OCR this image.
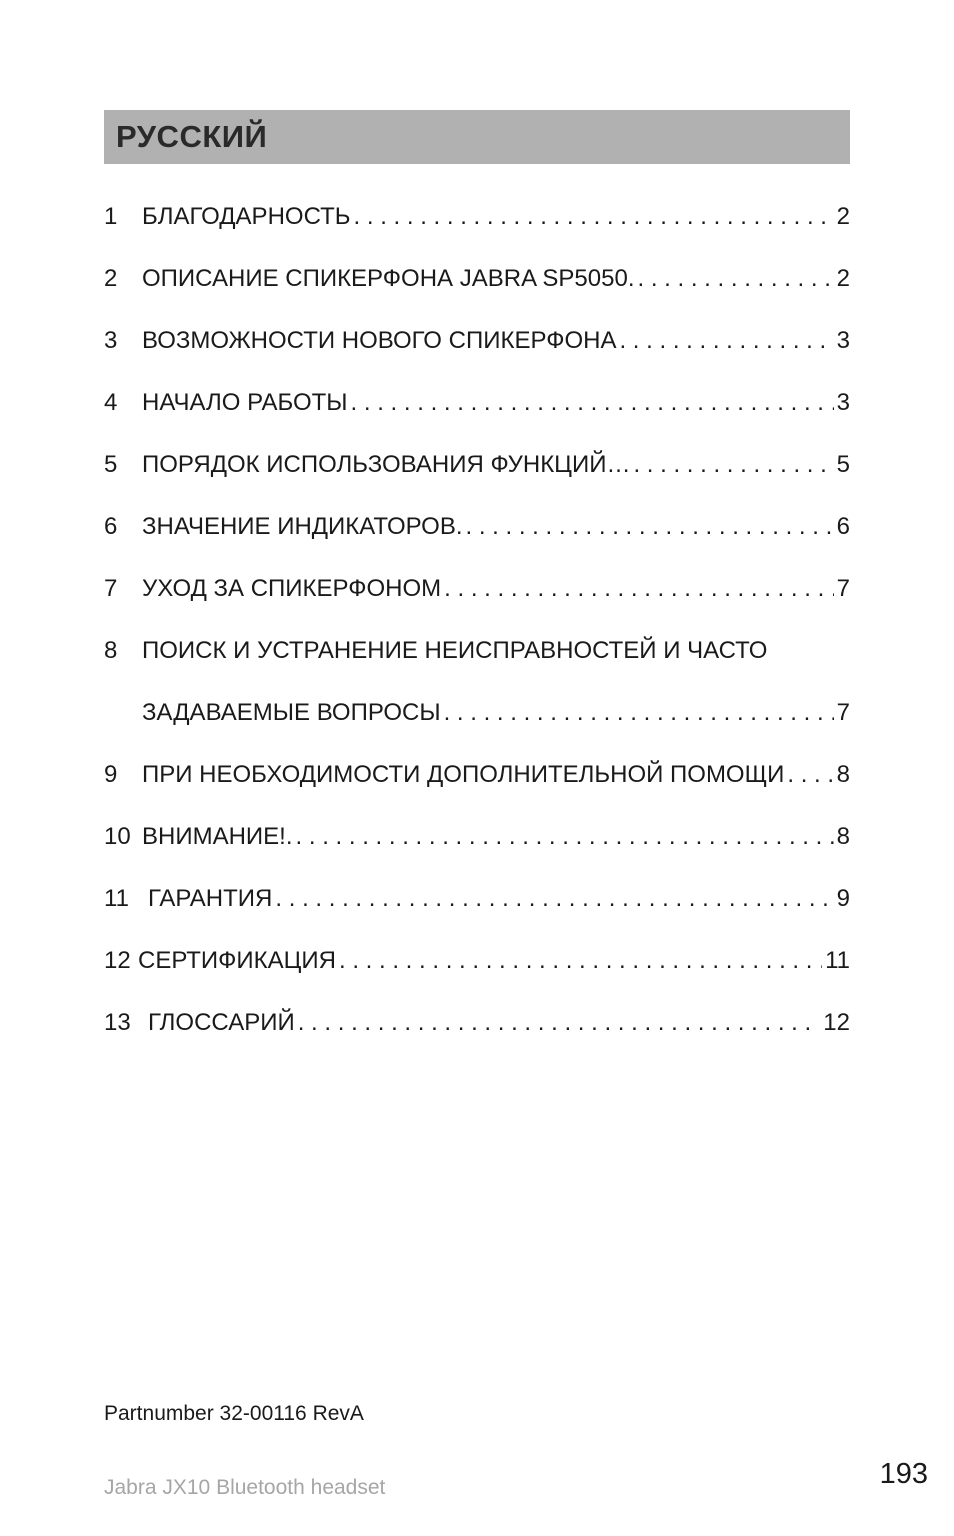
РУССКИЙ
1	БЛАГОДАРНОСТЬ . . .	2
2	ОПИСАНИЕ СПИКЕРФОНА JABRA SP5050. . . .	2
3	ВОЗМОЖНОСТИ НОВОГО СПИКЕРФОНА . . .	3
4	НАЧАЛО РАБОТЫ . . .	3
5	ПОРЯДОК ИСПОЛЬЗОВАНИЯ ФУНКЦИЙ… . . .	5
6	ЗНАЧЕНИЕ ИНДИКАТОРОВ. . . .	6
7	УХОД ЗА СПИКЕРФОНОМ . . .	7
8	ПОИСК И УСТРАНЕНИЕ НЕИСПРАВНОСТЕЙ И ЧАСТО
ЗАДАВАЕМЫЕ ВОПРОСЫ . . .	7
9	ПРИ НЕОБХОДИМОСТИ ДОПОЛНИТЕЛЬНОЙ ПОМОЩИ . . . 8
10 ВНИМАНИЕ!. . . .	8
11 ГАРАНТИЯ . . .	9
12 СЕРТИФИКАЦИЯ . . .	11
13 ГЛОССАРИЙ . . .	12
Partnumber 32-00116 RevA
Jabra JX10 Bluetooth headset	193
